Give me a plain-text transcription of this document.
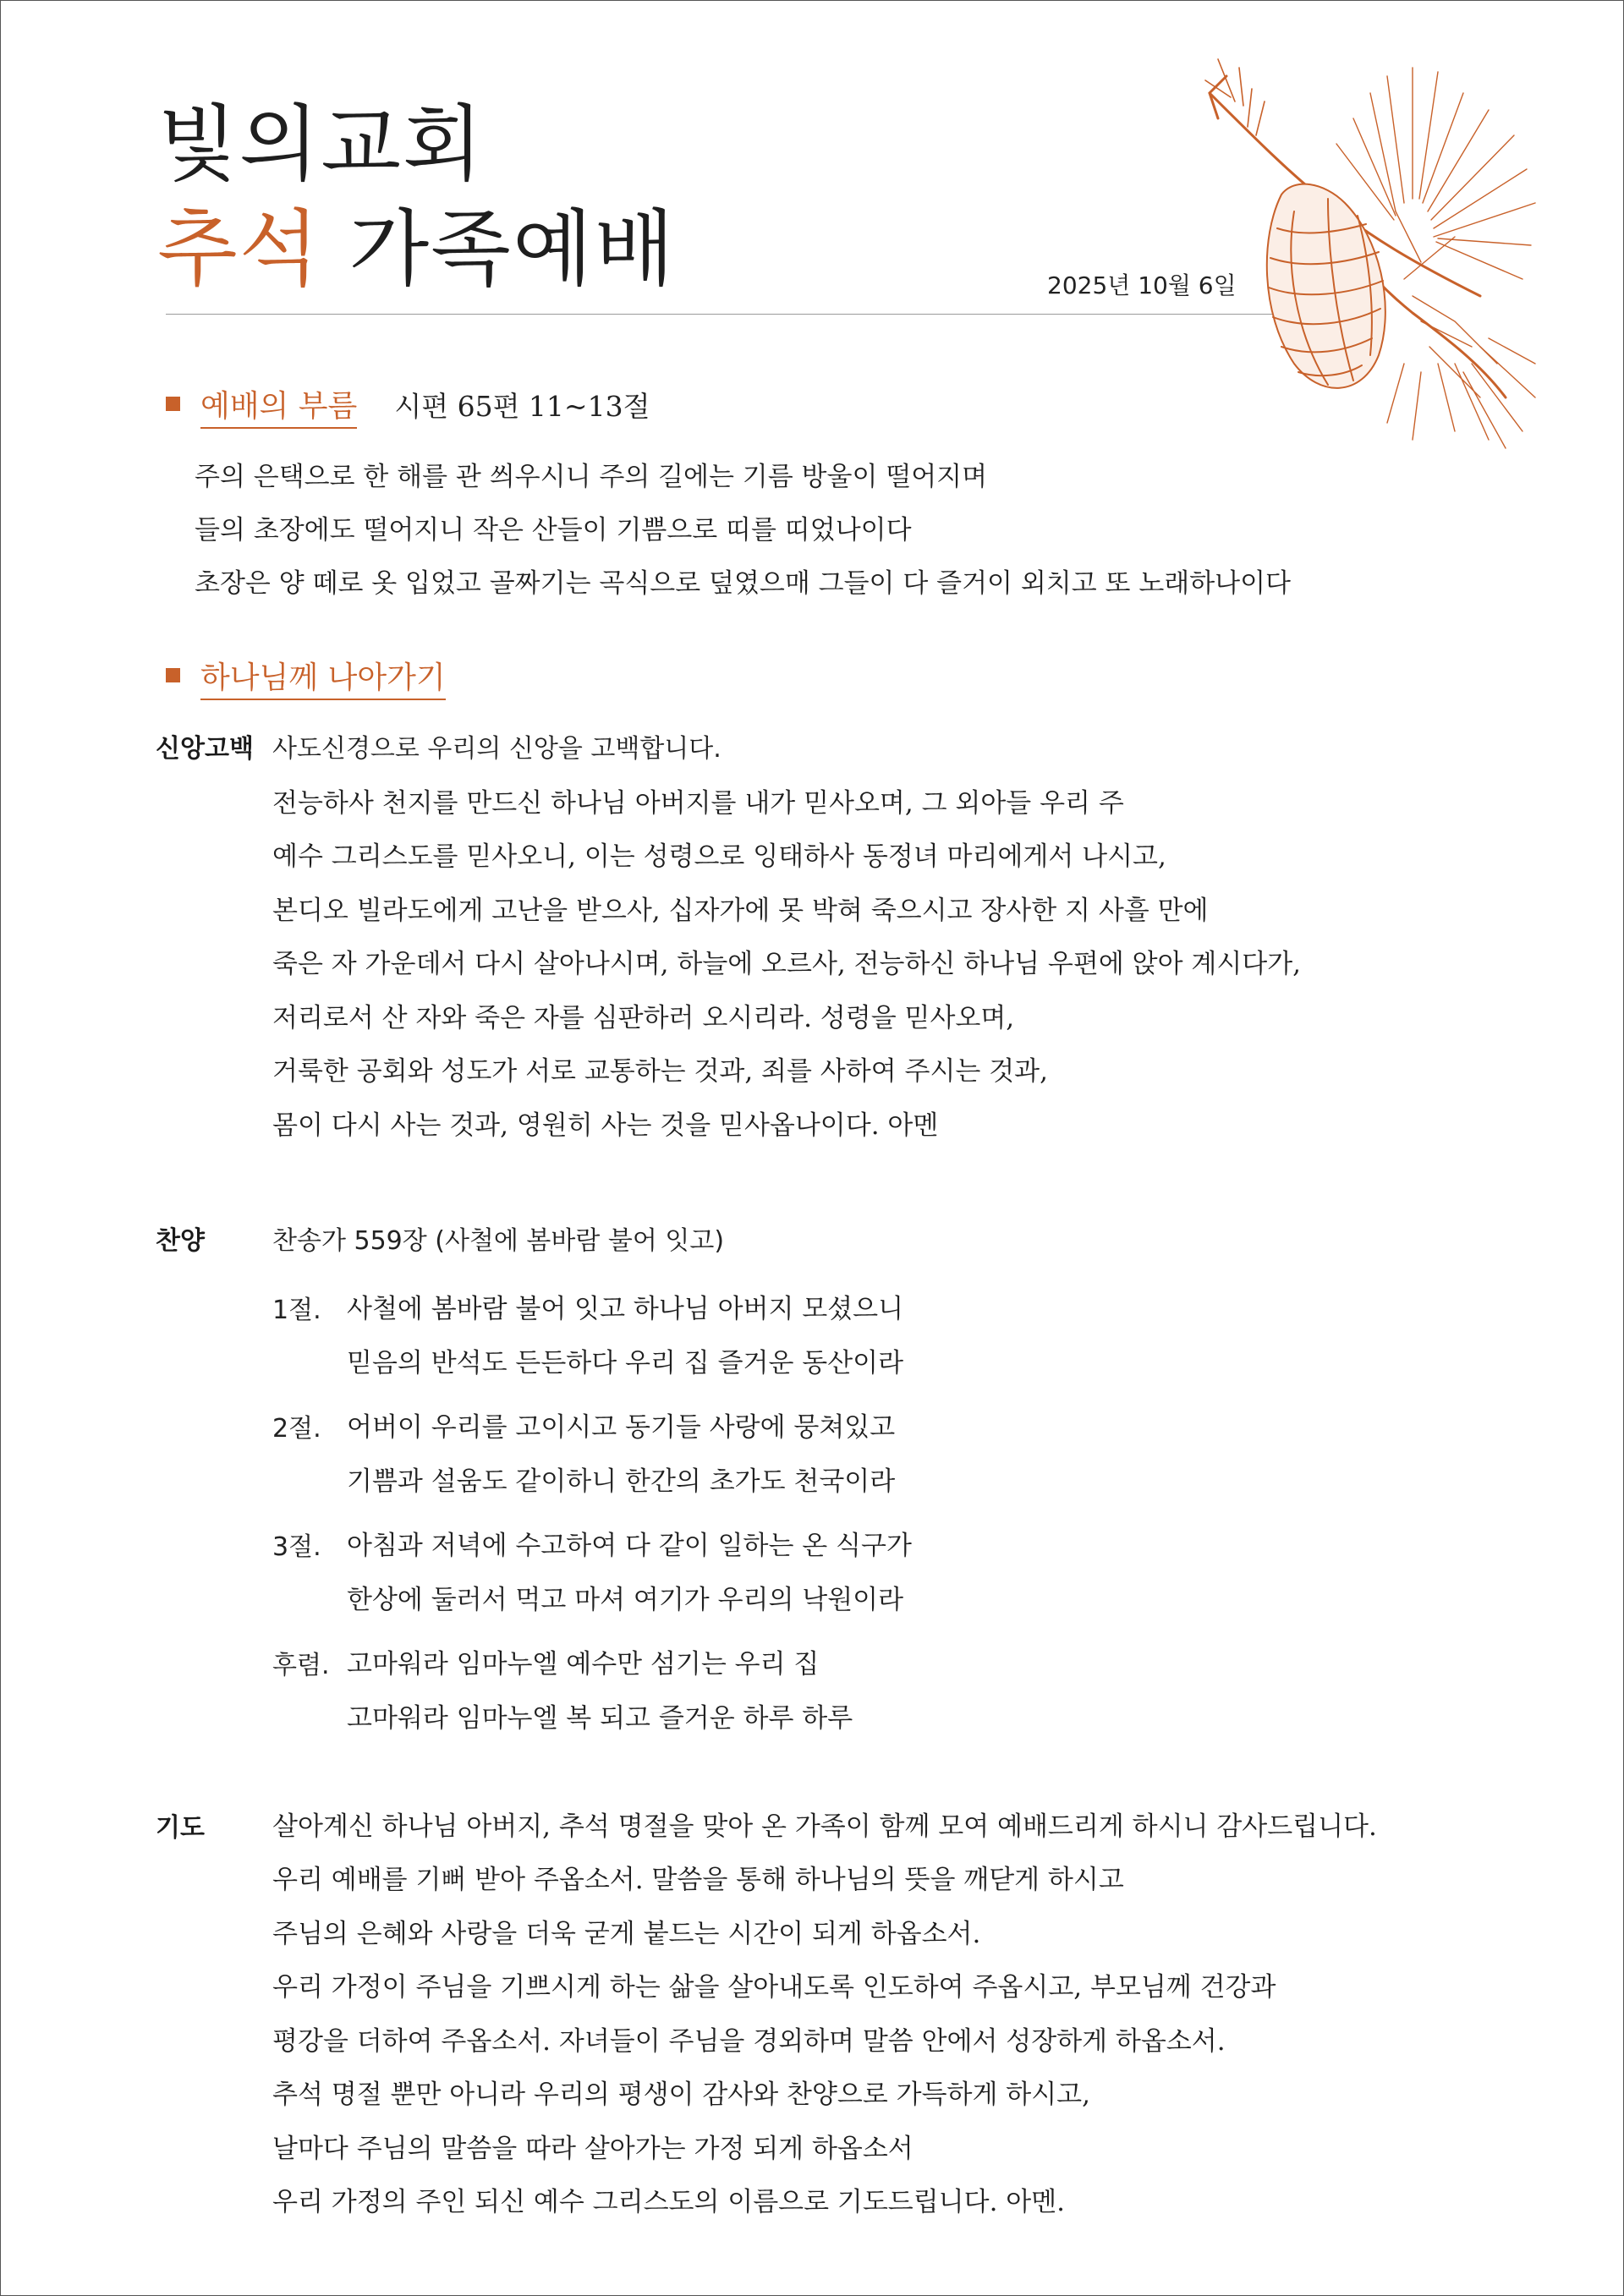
빛의교회
추석 가족예배	2025년 10월 6일
예배의 부름 시편 65편 11~13절
주의 은택으로 한 해를 관 씌우시니 주의 길에는 기름 방울이 떨어지며
들의 초장에도 떨어지니 작은 산들이 기쁨으로 띠를 띠었나이다
초장은 양 떼로 옷 입었고 골짜기는 곡식으로 덮였으매 그들이 다 즐거이 외치고 또 노래하나이다
하나님께 나아가기
신앙고백 사도신경으로 우리의 신앙을 고백합니다.
전능하사 천지를 만드신 하나님 아버지를 내가 믿사오며, 그 외아들 우리 주
예수 그리스도를 믿사오니, 이는 성령으로 잉태하사 동정녀 마리에게서 나시고,
본디오 빌라도에게 고난을 받으사, 십자가에 못 박혀 죽으시고 장사한 지 사흘 만에
죽은 자 가운데서 다시 살아나시며, 하늘에 오르사, 전능하신 하나님 우편에 앉아 계시다가,
저리로서 산 자와 죽은 자를 심판하러 오시리라. 성령을 믿사오며,
거룩한 공회와 성도가 서로 교통하는 것과, 죄를 사하여 주시는 것과,
몸이 다시 사는 것과, 영원히 사는 것을 믿사옵나이다. 아멘
찬양	찬송가 559장 (사철에 봄바람 불어 잇고)
1절. 사철에 봄바람 불어 잇고 하나님 아버지 모셨으니
믿음의 반석도 든든하다 우리 집 즐거운 동산이라
2절. 어버이 우리를 고이시고 동기들 사랑에 뭉쳐있고
기쁨과 설움도 같이하니 한간의 초가도 천국이라
3절. 아침과 저녁에 수고하여 다 같이 일하는 온 식구가
한상에 둘러서 먹고 마셔 여기가 우리의 낙원이라
후렴. 고마워라 임마누엘 예수만 섬기는 우리 집
고마워라 임마누엘 복 되고 즐거운 하루 하루
기도	살아계신 하나님 아버지, 추석 명절을 맞아 온 가족이 함께 모여 예배드리게 하시니 감사드립니다.
우리 예배를 기뻐 받아 주옵소서. 말씀을 통해 하나님의 뜻을 깨닫게 하시고
주님의 은혜와 사랑을 더욱 굳게 붙드는 시간이 되게 하옵소서.
우리 가정이 주님을 기쁘시게 하는 삶을 살아내도록 인도하여 주옵시고, 부모님께 건강과
평강을 더하여 주옵소서. 자녀들이 주님을 경외하며 말씀 안에서 성장하게 하옵소서.
추석 명절 뿐만 아니라 우리의 평생이 감사와 찬양으로 가득하게 하시고,
날마다 주님의 말씀을 따라 살아가는 가정 되게 하옵소서
우리 가정의 주인 되신 예수 그리스도의 이름으로 기도드립니다. 아멘.
